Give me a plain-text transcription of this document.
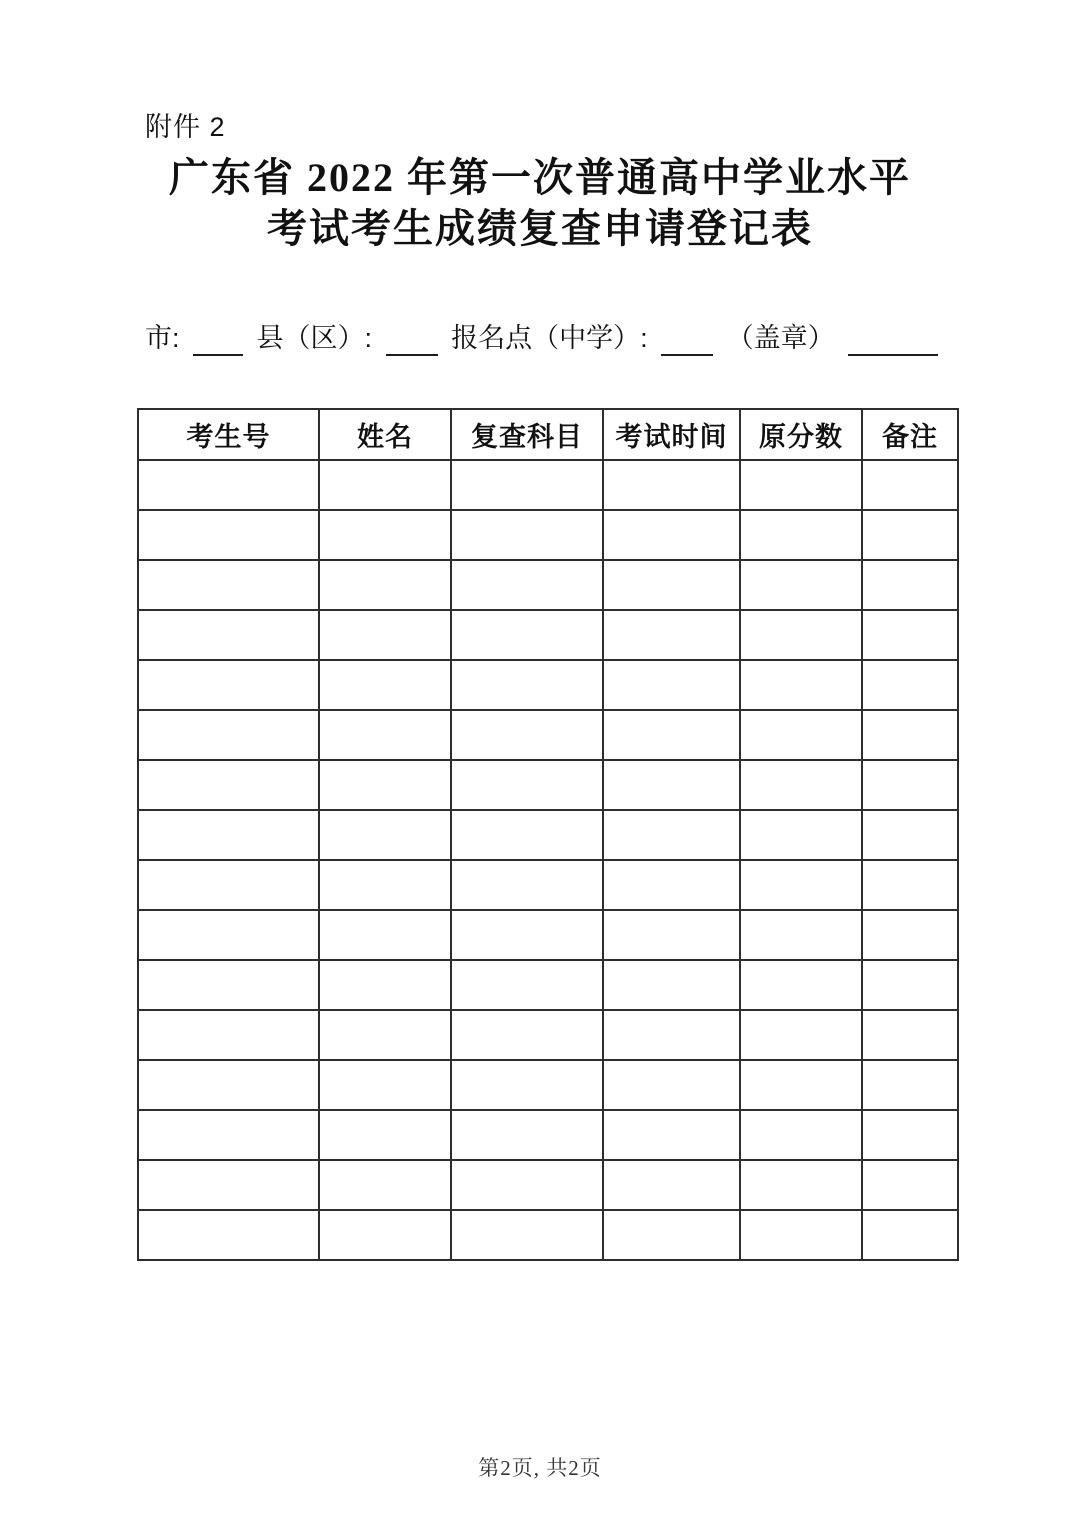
附件 2
广东省 2022 年第一次普通高中学业水平
考试考生成绩复查申请登记表
市:	县（区）:	报名点（中学）:	（盖章）
考生号	姓名	复查科目	考试时间	原分数	备注

第2页, 共2页
